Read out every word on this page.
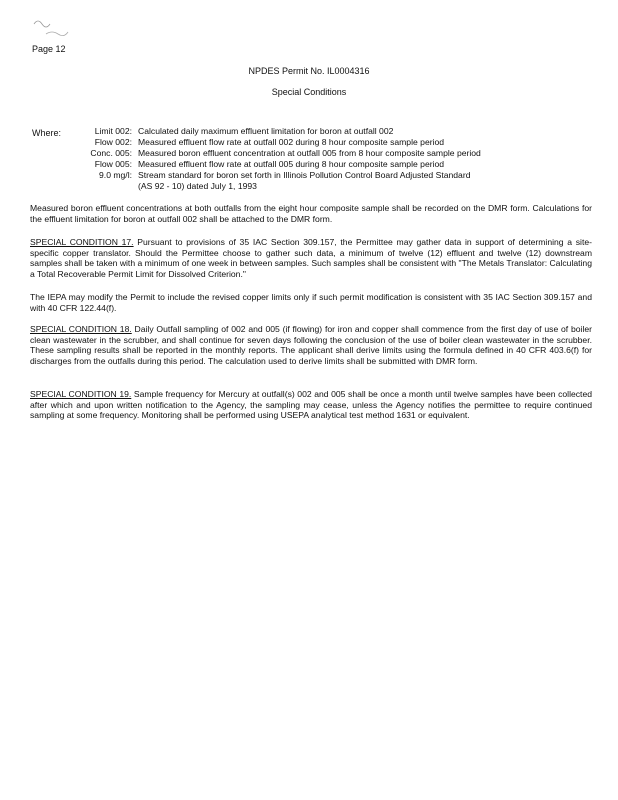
Page 12
NPDES Permit No. IL0004316
Special Conditions
Where:	Limit 002: Calculated daily maximum effluent limitation for boron at outfall 002
Flow 002: Measured effluent flow rate at outfall 002 during 8 hour composite sample period
Conc. 005: Measured boron effluent concentration at outfall 005 from 8 hour composite sample period
Flow 005: Measured effluent flow rate at outfall 005 during 8 hour composite sample period
9.0 mg/l: Stream standard for boron set forth in Illinois Pollution Control Board Adjusted Standard
(AS 92 - 10) dated July 1, 1993
Measured boron effluent concentrations at both outfalls from the eight hour composite sample shall be recorded on the DMR form. Calculations for the effluent limitation for boron at outfall 002 shall be attached to the DMR form.
SPECIAL CONDITION 17. Pursuant to provisions of 35 IAC Section 309.157, the Permittee may gather data in support of determining a site-specific copper translator. Should the Permittee choose to gather such data, a minimum of twelve (12) effluent and twelve (12) downstream samples shall be taken with a minimum of one week in between samples. Such samples shall be consistent with "The Metals Translator: Calculating a Total Recoverable Permit Limit for Dissolved Criterion."
The IEPA may modify the Permit to include the revised copper limits only if such permit modification is consistent with 35 IAC Section 309.157 and with 40 CFR 122.44(f).
SPECIAL CONDITION 18. Daily Outfall sampling of 002 and 005 (if flowing) for iron and copper shall commence from the first day of use of boiler clean wastewater in the scrubber, and shall continue for seven days following the conclusion of the use of boiler clean wastewater in the scrubber. These sampling results shall be reported in the monthly reports. The applicant shall derive limits using the formula defined in 40 CFR 403.6(f) for discharges from the outfalls during this period. The calculation used to derive limits shall be submitted with DMR form.
SPECIAL CONDITION 19. Sample frequency for Mercury at outfall(s) 002 and 005 shall be once a month until twelve samples have been collected after which and upon written notification to the Agency, the sampling may cease, unless the Agency notifies the permittee to require continued sampling at some frequency. Monitoring shall be performed using USEPA analytical test method 1631 or equivalent.
